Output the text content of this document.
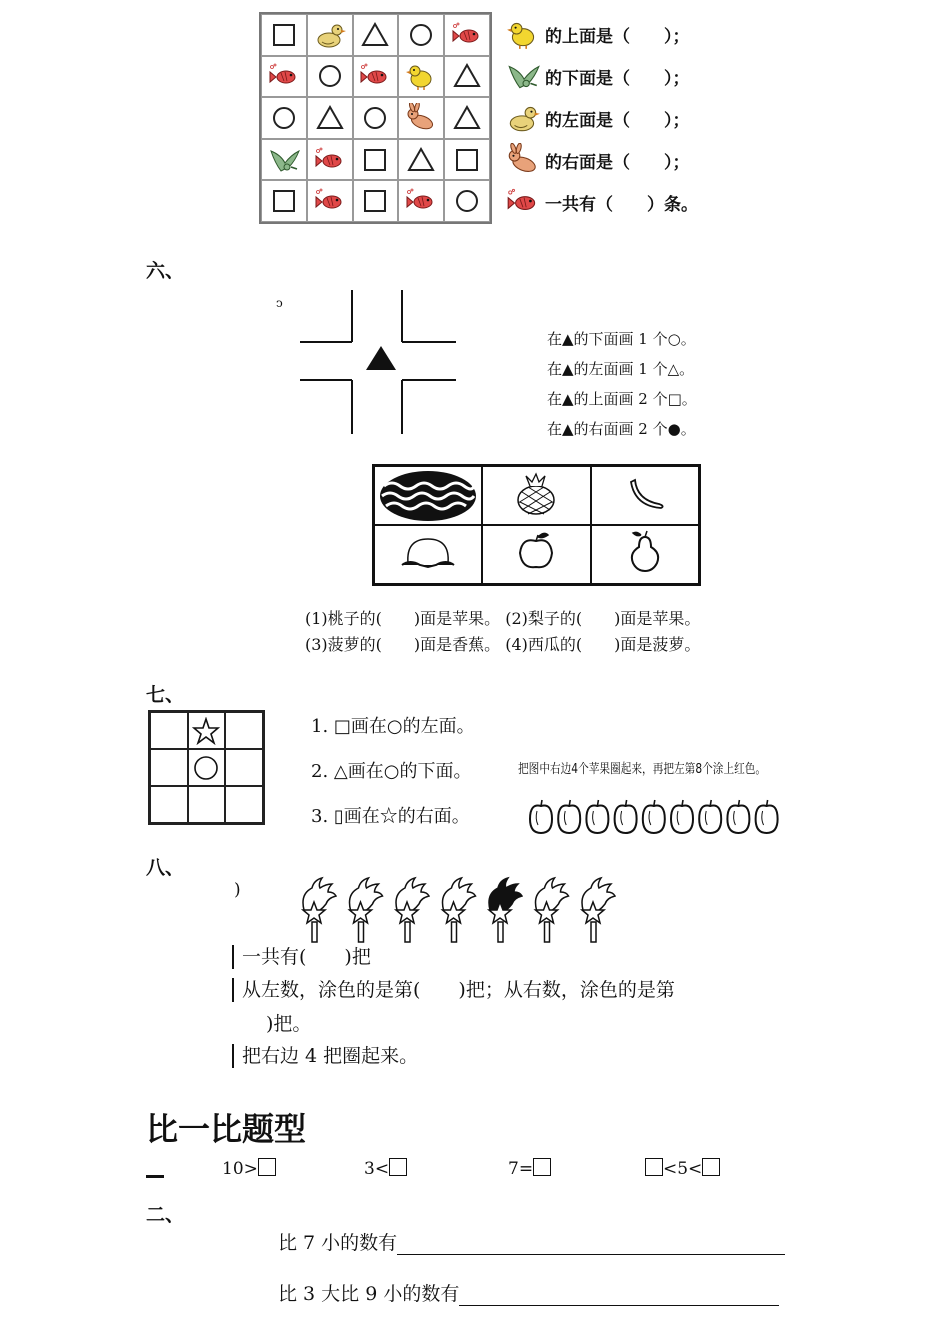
的上面是（　　）；
的下面是（　　）；
的左面是（　　）；
的右面是（　　）；
一共有（　　）条。
六、
ↄ
在▲的下面画 1 个○。
在▲的左面画 1 个△。
在▲的上面画 2 个□。
在▲的右面画 2 个●。
(1)桃子的(　　)面是苹果。 (2)梨子的(　　)面是苹果。
(3)菠萝的(　　)面是香蕉。 (4)西瓜的(　　)面是菠萝。
七、
1. □画在○的左面。
2. △画在○的下面。
3. ▯画在☆的右面。
把图中右边4个苹果圈起来，再把左第8个涂上红色。
八、
)
一共有(　　)把
从左数，涂色的是第(　　)把；从右数，涂色的是第
)把。
把右边 4 把圈起来。
比一比题型
10>	3<	7=	<5<
二、
比 7 小的数有
比 3 大比 9 小的数有
